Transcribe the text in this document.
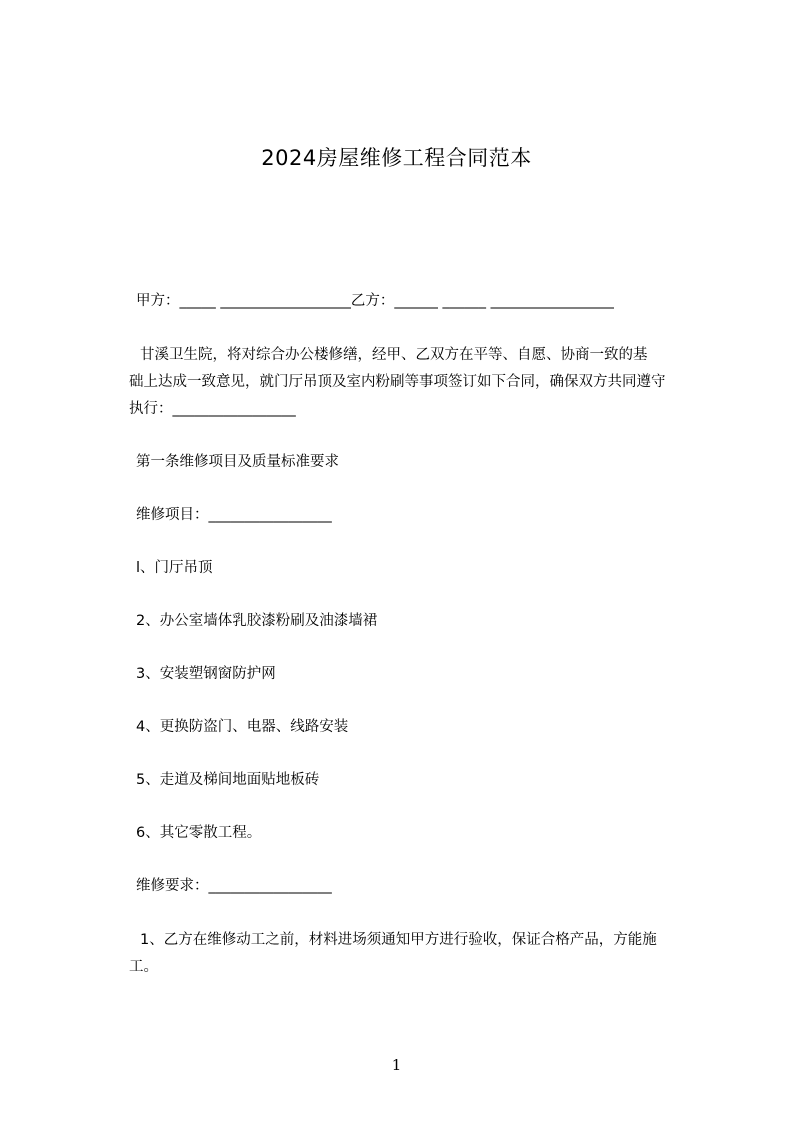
2024房屋维修工程合同范本
甲方：_____ __________________乙方：______ ______ _________________
甘溪卫生院，将对综合办公楼修缮，经甲、乙双方在平等、自愿、协商一致的基
础上达成一致意见，就门厅吊顶及室内粉刷等事项签订如下合同，确保双方共同遵守
执行：_________________
第一条维修项目及质量标准要求
维修项目：_________________
l、门厅吊顶
2、办公室墙体乳胶漆粉刷及油漆墙裙
3、安装塑钢窗防护网
4、更换防盗门、电器、线路安装
5、走道及梯间地面贴地板砖
6、其它零散工程。
维修要求：_________________
1、乙方在维修动工之前，材料进场须通知甲方进行验收，保证合格产品，方能施
工。
1
